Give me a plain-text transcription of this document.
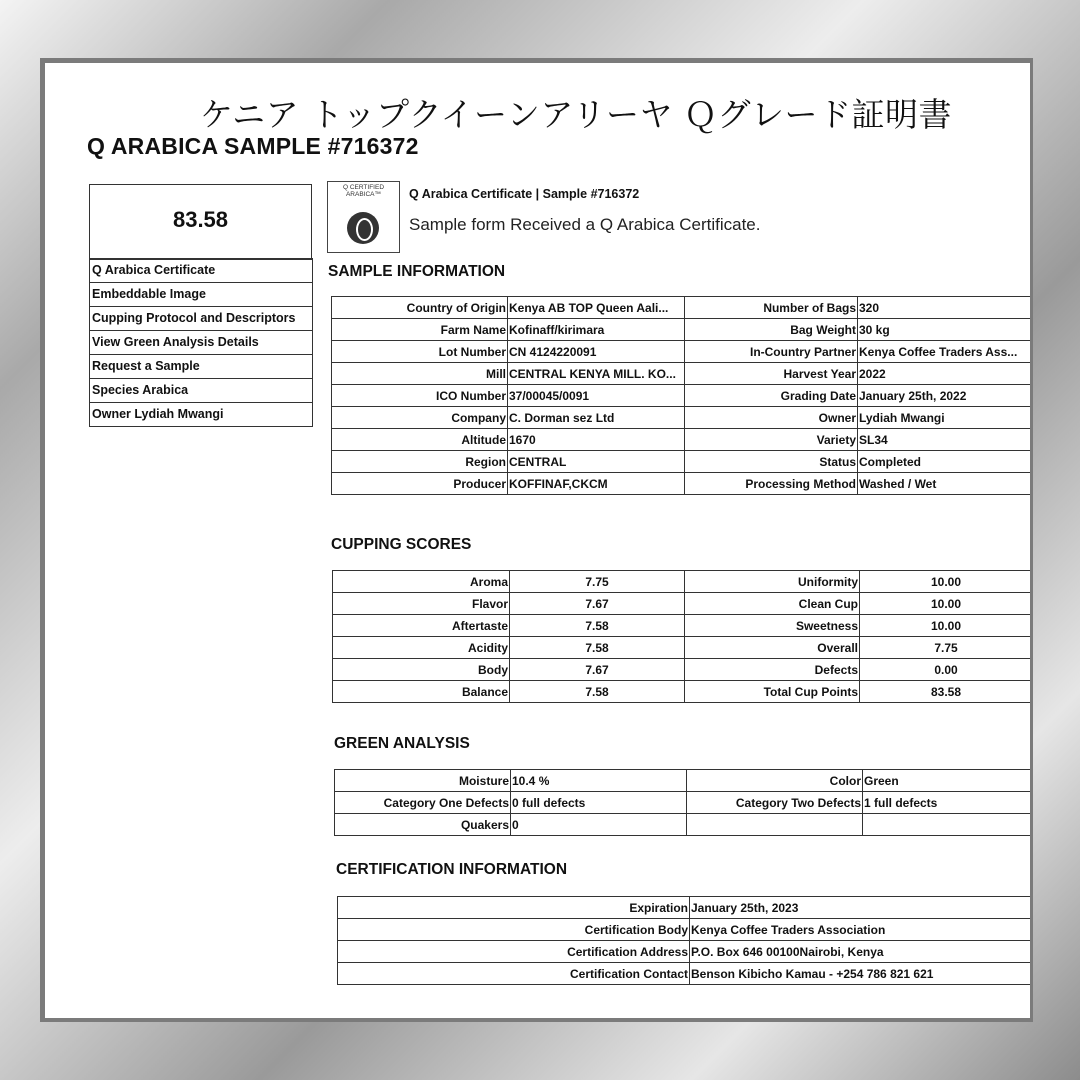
ケニア トップクイーンアリーヤ Ｑグレード証明書
Q ARABICA SAMPLE #716372
83.58
Q Arabica Certificate
Embeddable Image
Cupping Protocol and Descriptors
View Green Analysis Details
Request a Sample
Species Arabica
Owner Lydiah Mwangi
Q CERTIFIED ARABICA™	Q Arabica Certificate | Sample #716372
Sample form Received a Q Arabica Certificate.
SAMPLE INFORMATION
Country of Origin	Kenya AB TOP Queen Aali...	Number of Bags	320
Farm Name	Kofinaff/kirimara	Bag Weight	30 kg
Lot Number	CN 4124220091	In-Country Partner	Kenya Coffee Traders Ass...
Mill	CENTRAL KENYA MILL. KO...	Harvest Year	2022
ICO Number	37/00045/0091	Grading Date	January 25th, 2022
Company	C. Dorman sez Ltd	Owner	Lydiah Mwangi
Altitude	1670	Variety	SL34
Region	CENTRAL	Status	Completed
Producer	KOFFINAF,CKCM	Processing Method	Washed / Wet
CUPPING SCORES
Aroma	7.75	Uniformity	10.00
Flavor	7.67	Clean Cup	10.00
Aftertaste	7.58	Sweetness	10.00
Acidity	7.58	Overall	7.75
Body	7.67	Defects	0.00
Balance	7.58	Total Cup Points	83.58
GREEN ANALYSIS
Moisture	10.4 %	Color	Green
Category One Defects	0 full defects	Category Two Defects	1 full defects
Quakers	0		
CERTIFICATION INFORMATION
Expiration	January 25th, 2023
Certification Body	Kenya Coffee Traders Association
Certification Address	P.O. Box 646 00100Nairobi, Kenya
Certification Contact	Benson Kibicho Kamau - +254 786 821 621
